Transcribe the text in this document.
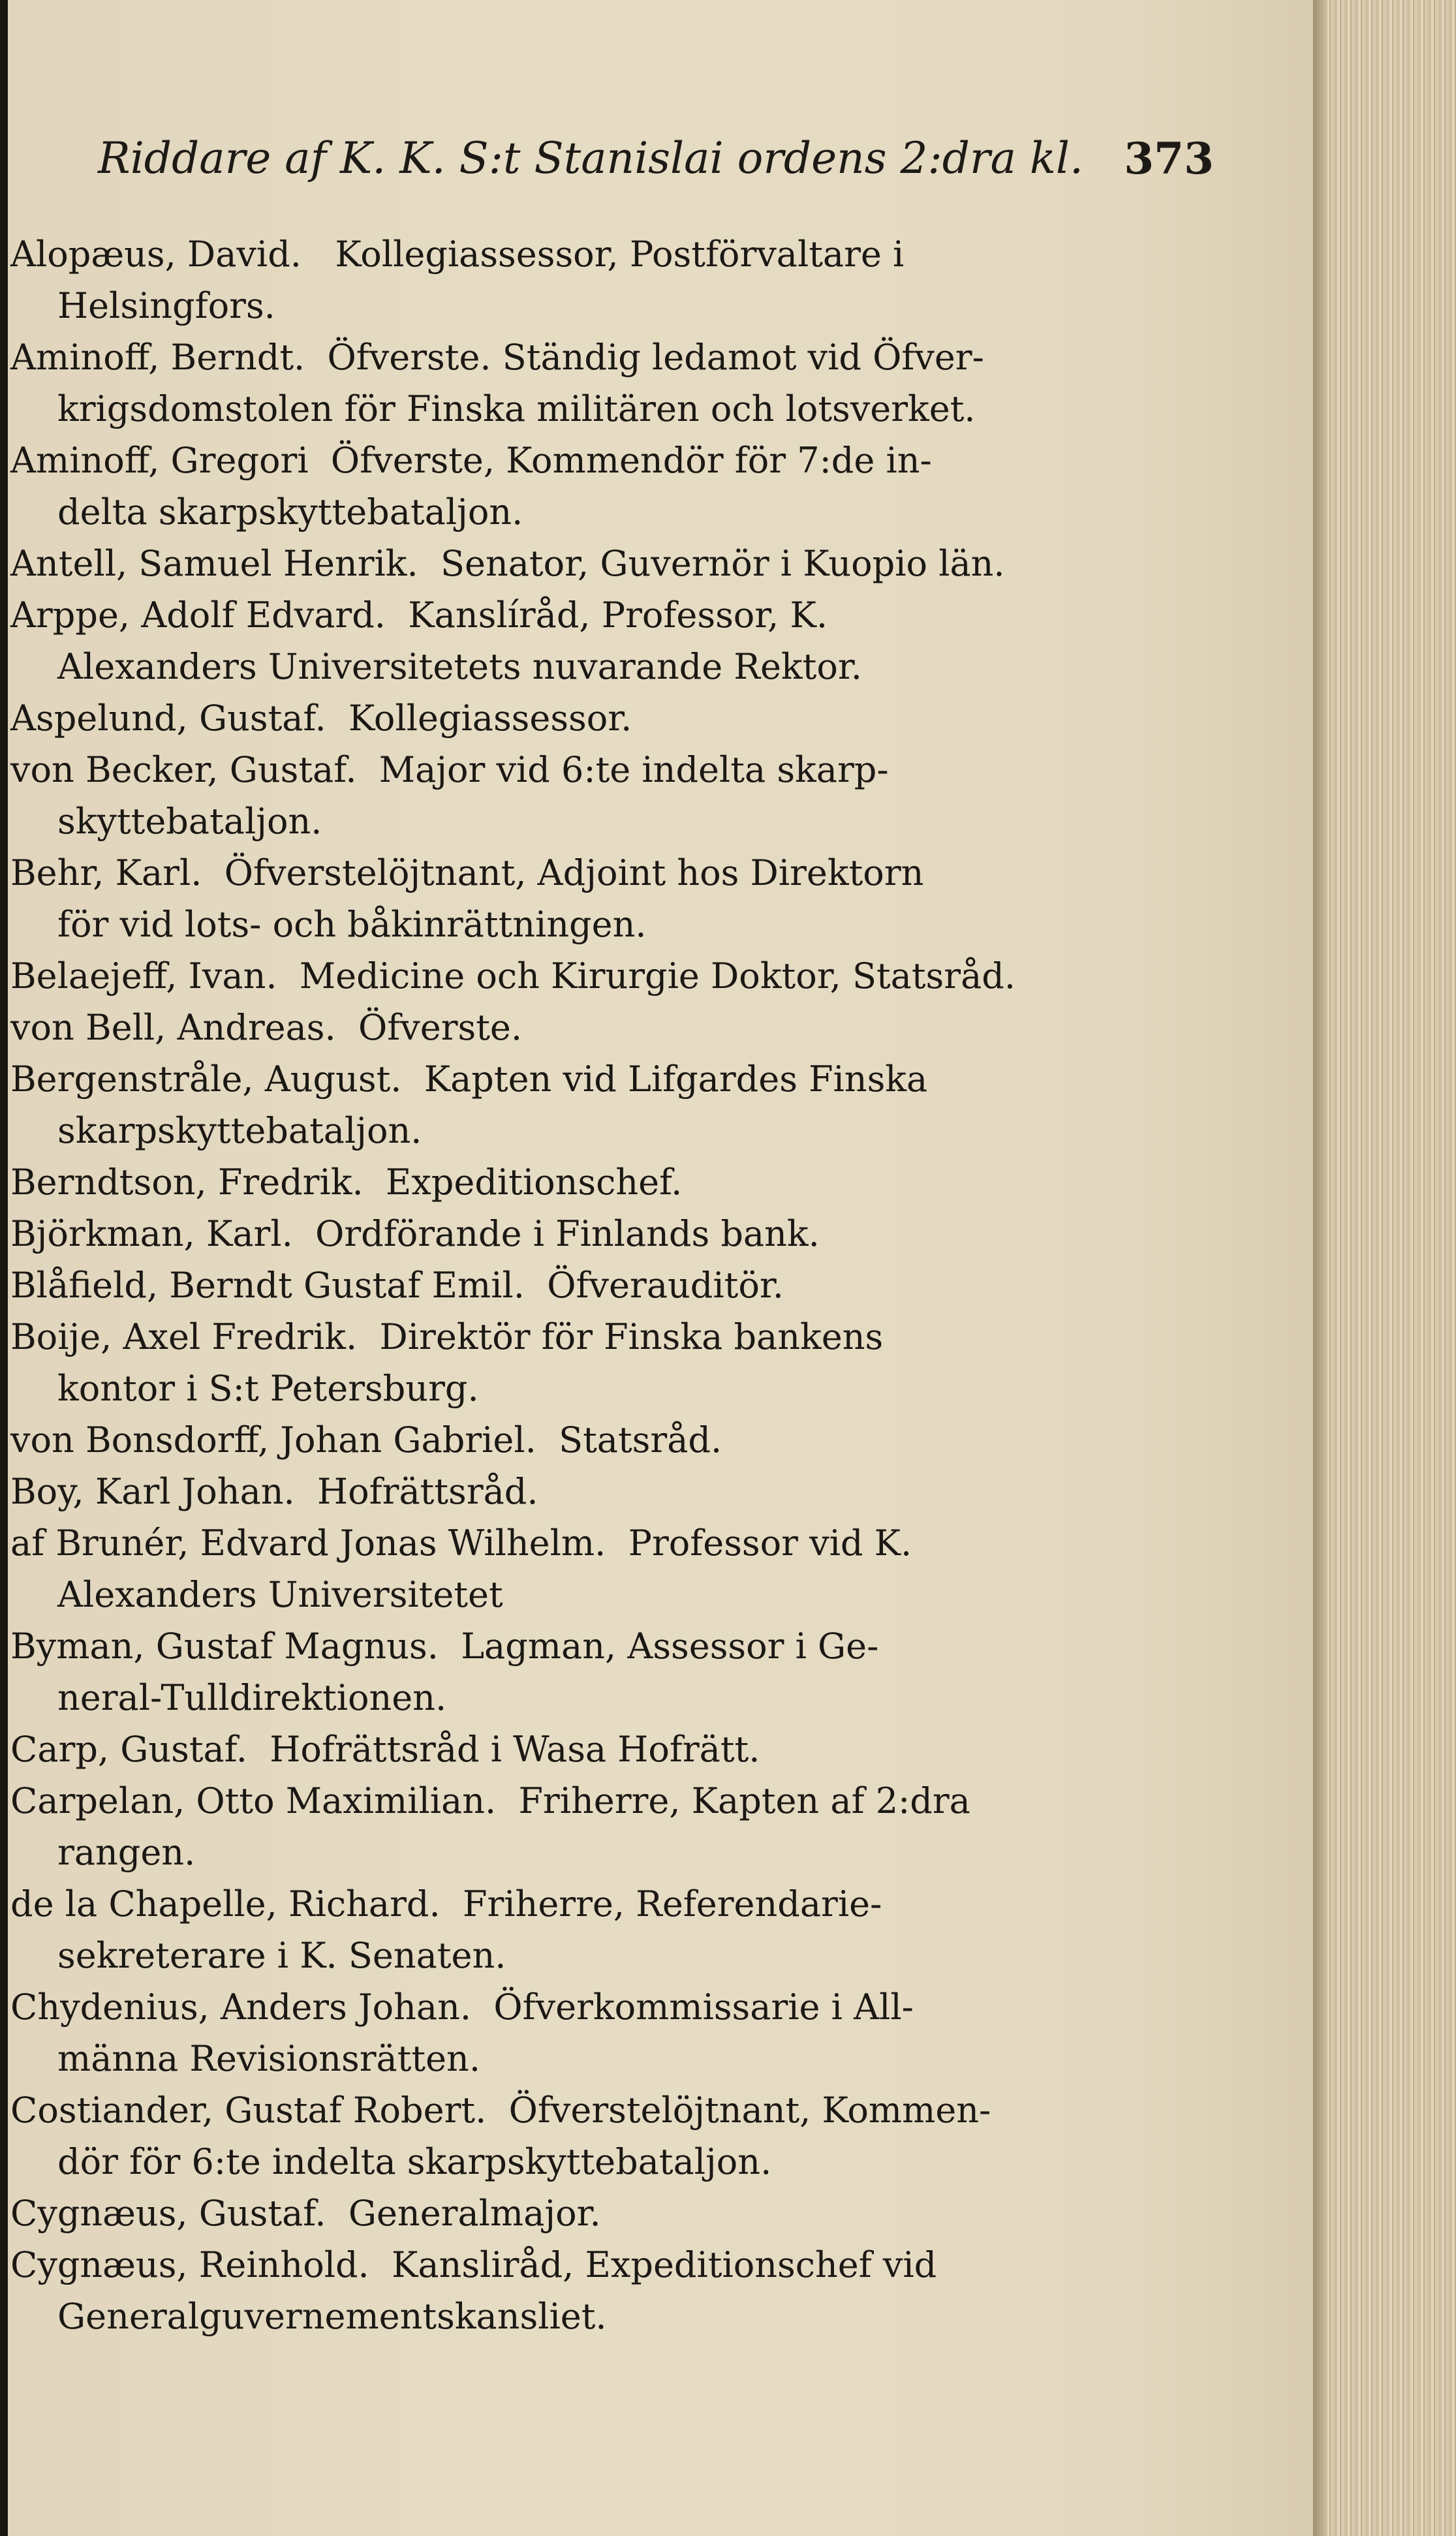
Riddare af K. K. S:t Stanislai ordens 2:dra kl. 373
Alopæus, David.   Kollegiassessor, Postförvaltare i
Helsingfors.
Aminoff, Berndt.  Öfverste. Ständig ledamot vid Öfver-
krigsdomstolen för Finska militären och lotsverket.
Aminoff, Gregori  Öfverste, Kommendör för 7:de in-
delta skarpskyttebataljon.
Antell, Samuel Henrik.  Senator, Guvernör i Kuopio län.
Arppe, Adolf Edvard.  Kanslíråd, Professor, K.
Alexanders Universitetets nuvarande Rektor.
Aspelund, Gustaf.  Kollegiassessor.
von Becker, Gustaf.  Major vid 6:te indelta skarp-
skyttebataljon.
Behr, Karl.  Öfverstelöjtnant, Adjoint hos Direktorn
för vid lots- och båkinrättningen.
Belaejeff, Ivan.  Medicine och Kirurgie Doktor, Statsråd.
von Bell, Andreas.  Öfverste.
Bergenstråle, August.  Kapten vid Lifgardes Finska
skarpskyttebataljon.
Berndtson, Fredrik.  Expeditionschef.
Björkman, Karl.  Ordförande i Finlands bank.
Blåfield, Berndt Gustaf Emil.  Öfverauditör.
Boije, Axel Fredrik.  Direktör för Finska bankens
kontor i S:t Petersburg.
von Bonsdorff, Johan Gabriel.  Statsråd.
Boy, Karl Johan.  Hofrättsråd.
af Brunér, Edvard Jonas Wilhelm.  Professor vid K.
Alexanders Universitetet
Byman, Gustaf Magnus.  Lagman, Assessor i Ge-
neral-Tulldirektionen.
Carp, Gustaf.  Hofrättsråd i Wasa Hofrätt.
Carpelan, Otto Maximilian.  Friherre, Kapten af 2:dra
rangen.
de la Chapelle, Richard.  Friherre, Referendarie-
sekreterare i K. Senaten.
Chydenius, Anders Johan.  Öfverkommissarie i All-
männa Revisionsrätten.
Costiander, Gustaf Robert.  Öfverstelöjtnant, Kommen-
dör för 6:te indelta skarpskyttebataljon.
Cygnæus, Gustaf.  Generalmajor.
Cygnæus, Reinhold.  Kansliråd, Expeditionschef vid
Generalguvernementskansliet.
